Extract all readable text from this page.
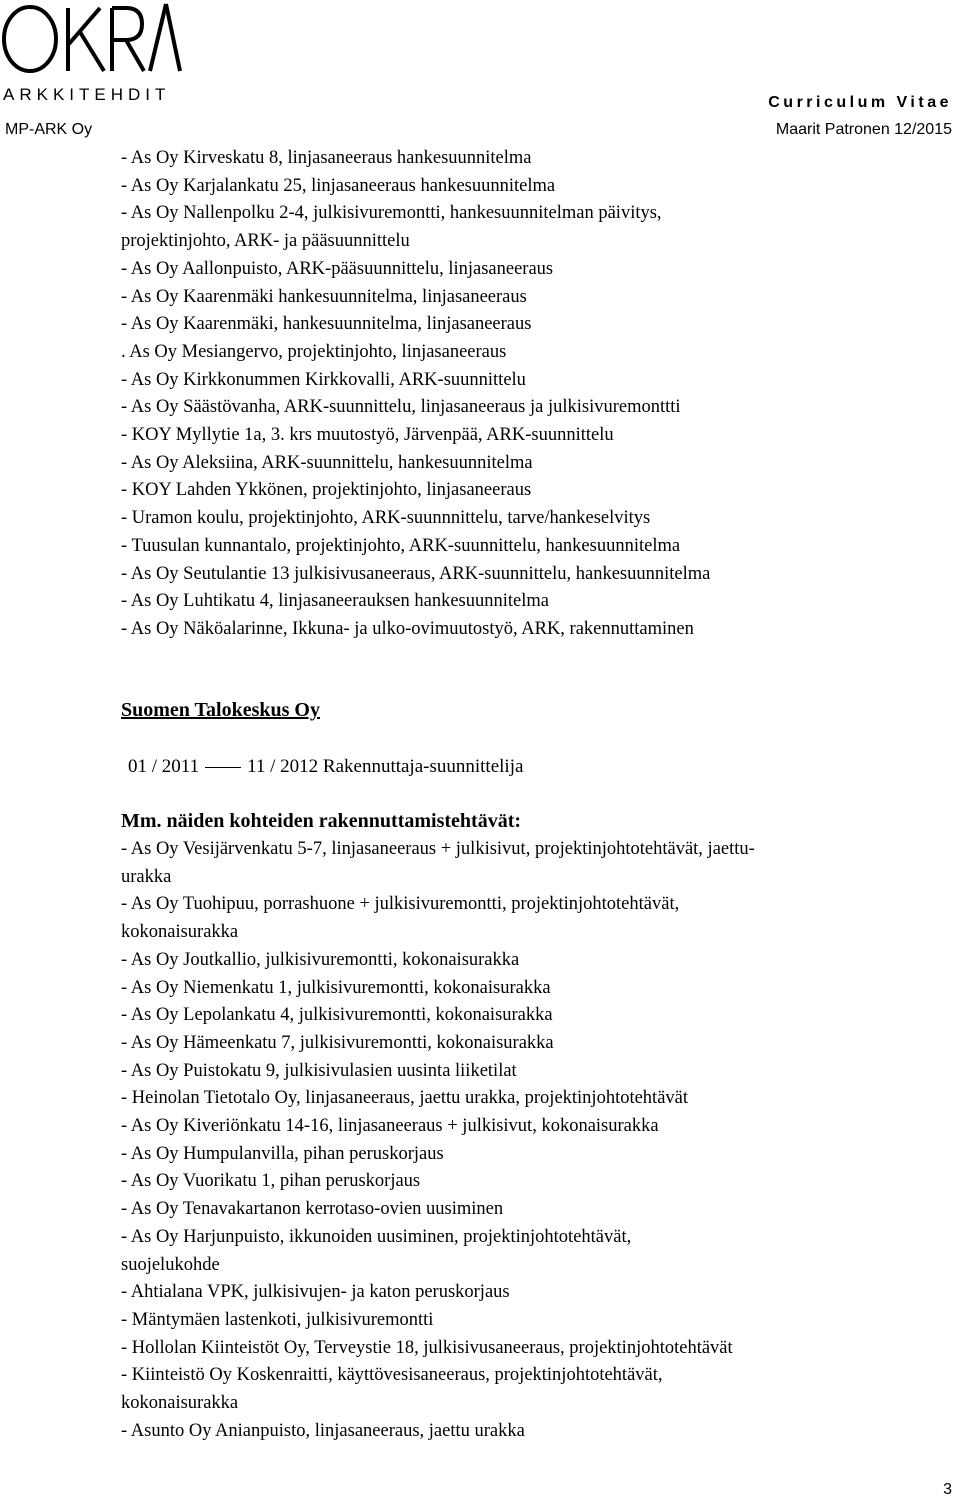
ARKKITEHDIT	Curriculum Vitae
MP-ARK Oy	Maarit Patronen 12/2015
- As Oy Kirveskatu 8, linjasaneeraus hankesuunnitelma
- As Oy Karjalankatu 25, linjasaneeraus hankesuunnitelma
- As Oy Nallenpolku 2-4, julkisivuremontti, hankesuunnitelman päivitys,
projektinjohto, ARK- ja pääsuunnittelu
- As Oy Aallonpuisto, ARK-pääsuunnittelu, linjasaneeraus
- As Oy Kaarenmäki hankesuunnitelma, linjasaneeraus
- As Oy Kaarenmäki, hankesuunnitelma, linjasaneeraus
. As Oy Mesiangervo, projektinjohto, linjasaneeraus
- As Oy Kirkkonummen Kirkkovalli, ARK-suunnittelu
- As Oy Säästövanha, ARK-suunnittelu, linjasaneeraus ja julkisivuremonttti
- KOY Myllytie 1a, 3. krs muutostyö, Järvenpää, ARK-suunnittelu
- As Oy Aleksiina, ARK-suunnittelu, hankesuunnitelma
- KOY Lahden Ykkönen, projektinjohto, linjasaneeraus
- Uramon koulu, projektinjohto, ARK-suunnnittelu, tarve/hankeselvitys
- Tuusulan kunnantalo, projektinjohto, ARK-suunnittelu, hankesuunnitelma
- As Oy Seutulantie 13 julkisivusaneeraus, ARK-suunnittelu, hankesuunnitelma
- As Oy Luhtikatu 4, linjasaneerauksen hankesuunnitelma
- As Oy Näköalarinne, Ikkuna- ja ulko-ovimuutostyö, ARK, rakennuttaminen
Suomen Talokeskus Oy
01 / 2011	11 / 2012 Rakennuttaja-suunnittelija
Mm. näiden kohteiden rakennuttamistehtävät:
- As Oy Vesijärvenkatu 5-7, linjasaneeraus + julkisivut, projektinjohtotehtävät, jaettu-
urakka
- As Oy Tuohipuu, porrashuone + julkisivuremontti, projektinjohtotehtävät,
kokonaisurakka
- As Oy Joutkallio, julkisivuremontti, kokonaisurakka
- As Oy Niemenkatu 1, julkisivuremontti, kokonaisurakka
- As Oy Lepolankatu 4, julkisivuremontti, kokonaisurakka
- As Oy Hämeenkatu 7, julkisivuremontti, kokonaisurakka
- As Oy Puistokatu 9, julkisivulasien uusinta liiketilat
- Heinolan Tietotalo Oy, linjasaneeraus, jaettu urakka, projektinjohtotehtävät
- As Oy Kiveriönkatu 14-16, linjasaneeraus + julkisivut, kokonaisurakka
- As Oy Humpulanvilla, pihan peruskorjaus
- As Oy Vuorikatu 1, pihan peruskorjaus
- As Oy Tenavakartanon kerrotaso-ovien uusiminen
- As Oy Harjunpuisto, ikkunoiden uusiminen, projektinjohtotehtävät,
suojelukohde
- Ahtialana VPK, julkisivujen- ja katon peruskorjaus
- Mäntymäen lastenkoti, julkisivuremontti
- Hollolan Kiinteistöt Oy, Terveystie 18, julkisivusaneeraus, projektinjohtotehtävät
- Kiinteistö Oy Koskenraitti, käyttövesisaneeraus, projektinjohtotehtävät,
kokonaisurakka
- Asunto Oy Anianpuisto, linjasaneeraus, jaettu urakka
3
